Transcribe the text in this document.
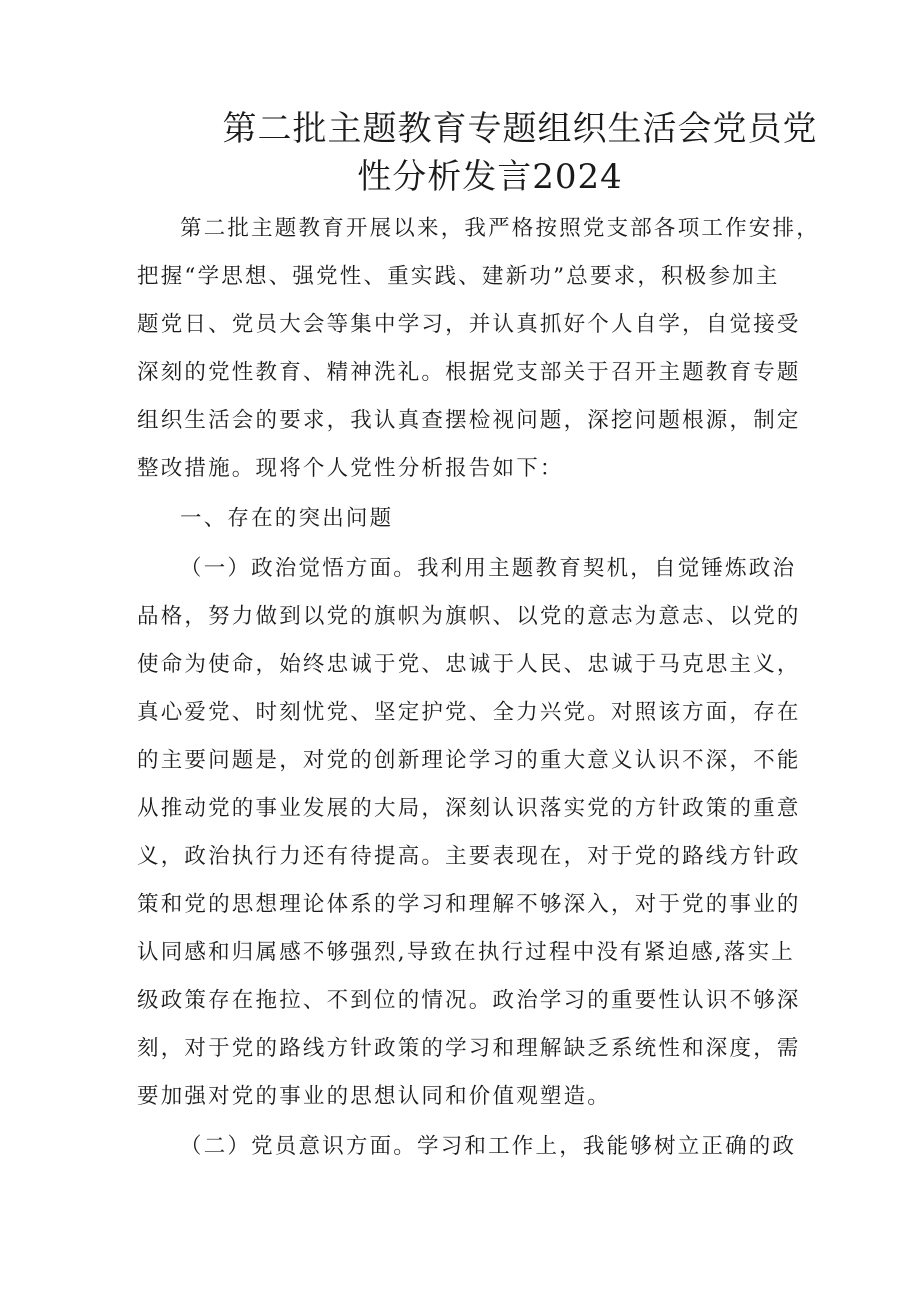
第二批主题教育专题组织生活会党员党
性分析发言2024
第二批主题教育开展以来，我严格按照党支部各项工作安排，
把握“学思想、强党性、重实践、建新功”总要求，积极参加主
题党日、党员大会等集中学习，并认真抓好个人自学，自觉接受
深刻的党性教育、精神洗礼。根据党支部关于召开主题教育专题
组织生活会的要求，我认真查摆检视问题，深挖问题根源，制定
整改措施。现将个人党性分析报告如下：
一、存在的突出问题
（一）政治觉悟方面。我利用主题教育契机，自觉锤炼政治
品格，努力做到以党的旗帜为旗帜、以党的意志为意志、以党的
使命为使命，始终忠诚于党、忠诚于人民、忠诚于马克思主义，
真心爱党、时刻忧党、坚定护党、全力兴党。对照该方面，存在
的主要问题是，对党的创新理论学习的重大意义认识不深，不能
从推动党的事业发展的大局，深刻认识落实党的方针政策的重意
义，政治执行力还有待提高。主要表现在，对于党的路线方针政
策和党的思想理论体系的学习和理解不够深入，对于党的事业的
认同感和归属感不够强烈,导致在执行过程中没有紧迫感,落实上
级政策存在拖拉、不到位的情况。政治学习的重要性认识不够深
刻，对于党的路线方针政策的学习和理解缺乏系统性和深度，需
要加强对党的事业的思想认同和价值观塑造。
（二）党员意识方面。学习和工作上，我能够树立正确的政
